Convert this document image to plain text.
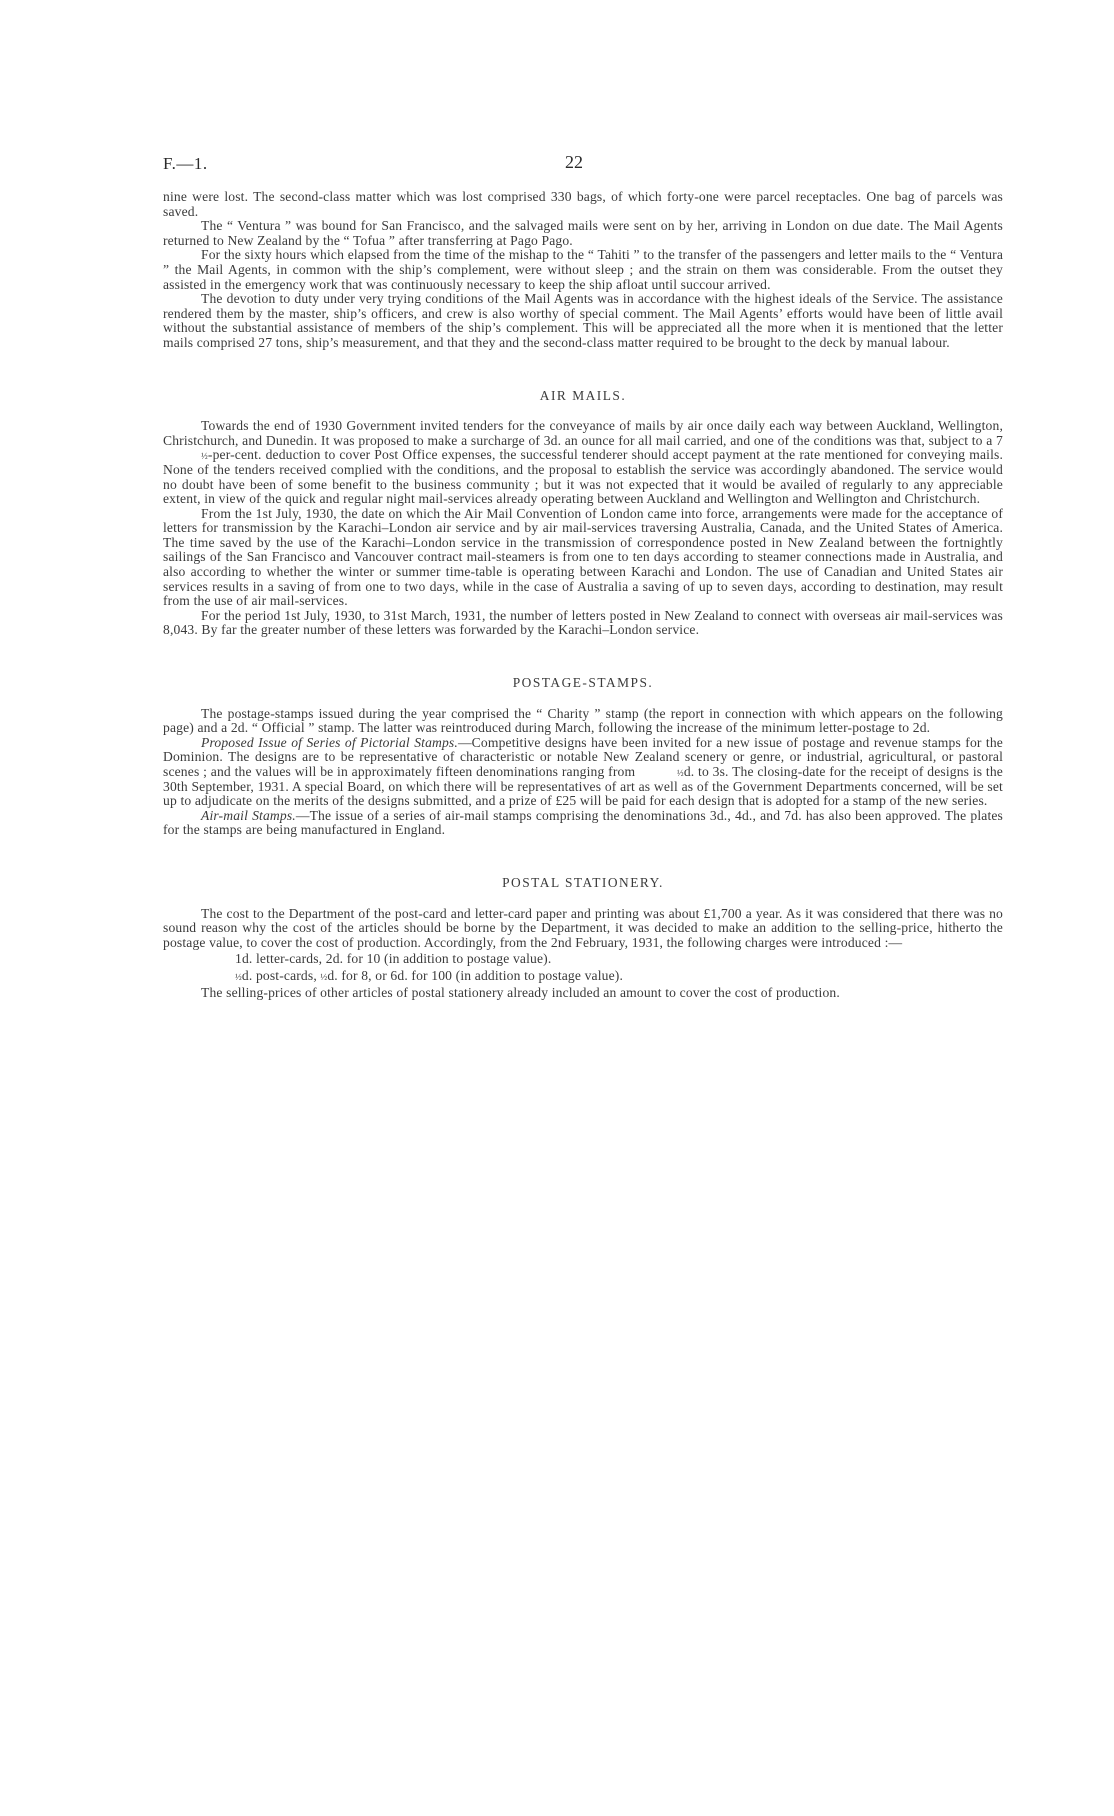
F.—1.	22

nine were lost. The second-class matter which was lost comprised 330 bags, of which forty-one were parcel receptacles. One bag of parcels was saved.

The “ Ventura ” was bound for San Francisco, and the salvaged mails were sent on by her, arriving in London on due date. The Mail Agents returned to New Zealand by the “ Tofua ” after transferring at Pago Pago.

For the sixty hours which elapsed from the time of the mishap to the “ Tahiti ” to the transfer of the passengers and letter mails to the “ Ventura ” the Mail Agents, in common with the ship’s complement, were without sleep ; and the strain on them was considerable. From the outset they assisted in the emergency work that was continuously necessary to keep the ship afloat until succour arrived.

The devotion to duty under very trying conditions of the Mail Agents was in accordance with the highest ideals of the Service. The assistance rendered them by the master, ship’s officers, and crew is also worthy of special comment. The Mail Agents’ efforts would have been of little avail without the substantial assistance of members of the ship’s complement. This will be appreciated all the more when it is mentioned that the letter mails comprised 27 tons, ship’s measurement, and that they and the second-class matter required to be brought to the deck by manual labour.

AIR MAILS.

Towards the end of 1930 Government invited tenders for the conveyance of mails by air once daily each way between Auckland, Wellington, Christchurch, and Dunedin. It was proposed to make a surcharge of 3d. an ounce for all mail carried, and one of the conditions was that, subject to a 7½-per-cent. deduction to cover Post Office expenses, the successful tenderer should accept payment at the rate mentioned for conveying mails. None of the tenders received complied with the conditions, and the proposal to establish the service was accordingly abandoned. The service would no doubt have been of some benefit to the business community ; but it was not expected that it would be availed of regularly to any appreciable extent, in view of the quick and regular night mail-services already operating between Auckland and Wellington and Wellington and Christchurch.

From the 1st July, 1930, the date on which the Air Mail Convention of London came into force, arrangements were made for the acceptance of letters for transmission by the Karachi–London air service and by air mail-services traversing Australia, Canada, and the United States of America. The time saved by the use of the Karachi–London service in the transmission of correspondence posted in New Zealand between the fortnightly sailings of the San Francisco and Vancouver contract mail-steamers is from one to ten days according to steamer connections made in Australia, and also according to whether the winter or summer time-table is operating between Karachi and London. The use of Canadian and United States air services results in a saving of from one to two days, while in the case of Australia a saving of up to seven days, according to destination, may result from the use of air mail-services.

For the period 1st July, 1930, to 31st March, 1931, the number of letters posted in New Zealand to connect with overseas air mail-services was 8,043. By far the greater number of these letters was forwarded by the Karachi–London service.

POSTAGE-STAMPS.

The postage-stamps issued during the year comprised the “ Charity ” stamp (the report in connection with which appears on the following page) and a 2d. “ Official ” stamp. The latter was reintroduced during March, following the increase of the minimum letter-postage to 2d.

Proposed Issue of Series of Pictorial Stamps.—Competitive designs have been invited for a new issue of postage and revenue stamps for the Dominion. The designs are to be representative of characteristic or notable New Zealand scenery or genre, or industrial, agricultural, or pastoral scenes ; and the values will be in approximately fifteen denominations ranging from	½d. to 3s. The closing-date for the receipt of designs is the 30th September, 1931. A special Board, on which there will be representatives of art as well as of the Government Departments concerned, will be set up to adjudicate on the merits of the designs submitted, and a prize of £25 will be paid for each design that is adopted for a stamp of the new series.

Air-mail Stamps.—The issue of a series of air-mail stamps comprising the denominations 3d., 4d., and 7d. has also been approved. The plates for the stamps are being manufactured in England.

POSTAL STATIONERY.

The cost to the Department of the post-card and letter-card paper and printing was about £1,700 a year. As it was considered that there was no sound reason why the cost of the articles should be borne by the Department, it was decided to make an addition to the selling-price, hitherto the postage value, to cover the cost of production. Accordingly, from the 2nd February, 1931, the following charges were introduced :—

1d. letter-cards, 2d. for 10 (in addition to postage value).
½d. post-cards, ½d. for 8, or 6d. for 100 (in addition to postage value).

The selling-prices of other articles of postal stationery already included an amount to cover the cost of production.
